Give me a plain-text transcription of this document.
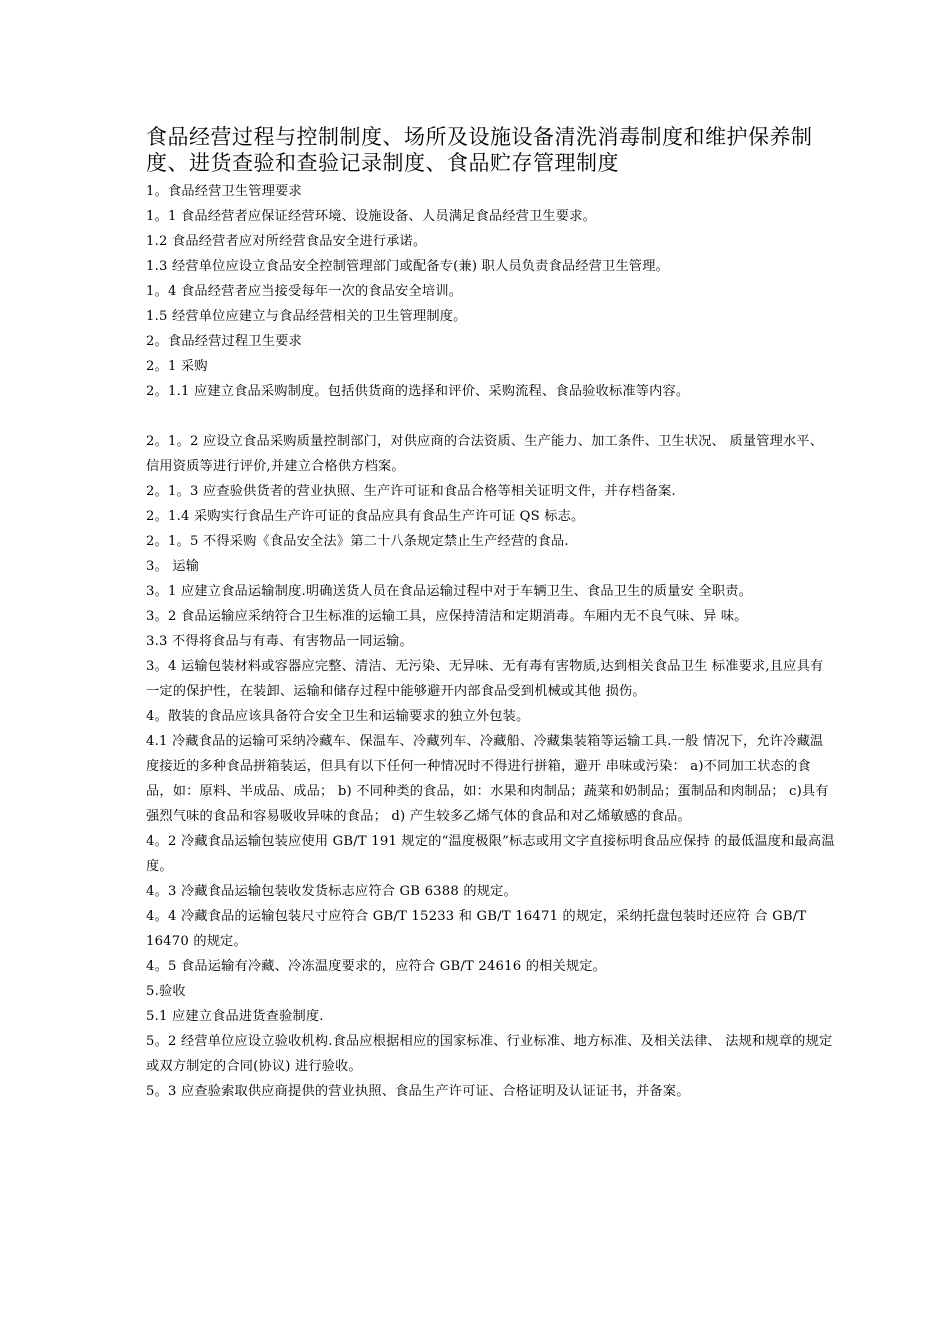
食品经营过程与控制制度、场所及设施设备清洗消毒制度和维护保养制度、进货查验和查验记录制度、食品贮存管理制度

1。食品经营卫生管理要求

1。1 食品经营者应保证经营环境、设施设备、人员满足食品经营卫生要求。

1.2 食品经营者应对所经营食品安全进行承诺。

1.3 经营单位应设立食品安全控制管理部门或配备专(兼) 职人员负责食品经营卫生管理。

1。4 食品经营者应当接受每年一次的食品安全培训。

1.5 经营单位应建立与食品经营相关的卫生管理制度。

2。食品经营过程卫生要求

2。1 采购

2。1.1 应建立食品采购制度。包括供货商的选择和评价、采购流程、食品验收标准等内容。

2。1。2 应设立食品采购质量控制部门，对供应商的合法资质、生产能力、加工条件、卫生状况、 质量管理水平、信用资质等进行评价,并建立合格供方档案。

2。1。3 应查验供货者的营业执照、生产许可证和食品合格等相关证明文件，并存档备案.

2。1.4 采购实行食品生产许可证的食品应具有食品生产许可证 QS 标志。

2。1。5 不得采购《食品安全法》第二十八条规定禁止生产经营的食品.

3。 运输

3。1 应建立食品运输制度.明确送货人员在食品运输过程中对于车辆卫生、食品卫生的质量安 全职责。

3。2 食品运输应采纳符合卫生标准的运输工具，应保持清洁和定期消毒。车厢内无不良气味、异 味。

3.3 不得将食品与有毒、有害物品一同运输。

3。4 运输包装材料或容器应完整、清洁、无污染、无异味、无有毒有害物质,达到相关食品卫生 标准要求,且应具有一定的保护性，在装卸、运输和储存过程中能够避开内部食品受到机械或其他 损伤。

4。散装的食品应该具备符合安全卫生和运输要求的独立外包装。

4.1 冷藏食品的运输可采纳冷藏车、保温车、冷藏列车、冷藏船、冷藏集装箱等运输工具.一般 情况下，允许冷藏温度接近的多种食品拼箱装运，但具有以下任何一种情况时不得进行拼箱，避开 串味或污染： a)不同加工状态的食品，如：原料、半成品、成品； b) 不同种类的食品，如：水果和肉制品；蔬菜和奶制品；蛋制品和肉制品； c)具有强烈气味的食品和容易吸收异味的食品； d) 产生较多乙烯气体的食品和对乙烯敏感的食品。

4。2 冷藏食品运输包装应使用 GB/T 191 规定的“温度极限”标志或用文字直接标明食品应保持 的最低温度和最高温度。

4。3 冷藏食品运输包装收发货标志应符合 GB 6388 的规定。

4。4 冷藏食品的运输包装尺寸应符合 GB/T 15233 和 GB/T 16471 的规定，采纳托盘包装时还应符 合 GB/T 16470 的规定。

4。5 食品运输有冷藏、冷冻温度要求的，应符合 GB/T 24616 的相关规定。

5.验收

5.1 应建立食品进货查验制度.

5。2 经营单位应设立验收机构.食品应根据相应的国家标准、行业标准、地方标准、及相关法律、 法规和规章的规定或双方制定的合同(协议) 进行验收。

5。3 应查验索取供应商提供的营业执照、食品生产许可证、合格证明及认证证书，并备案。
